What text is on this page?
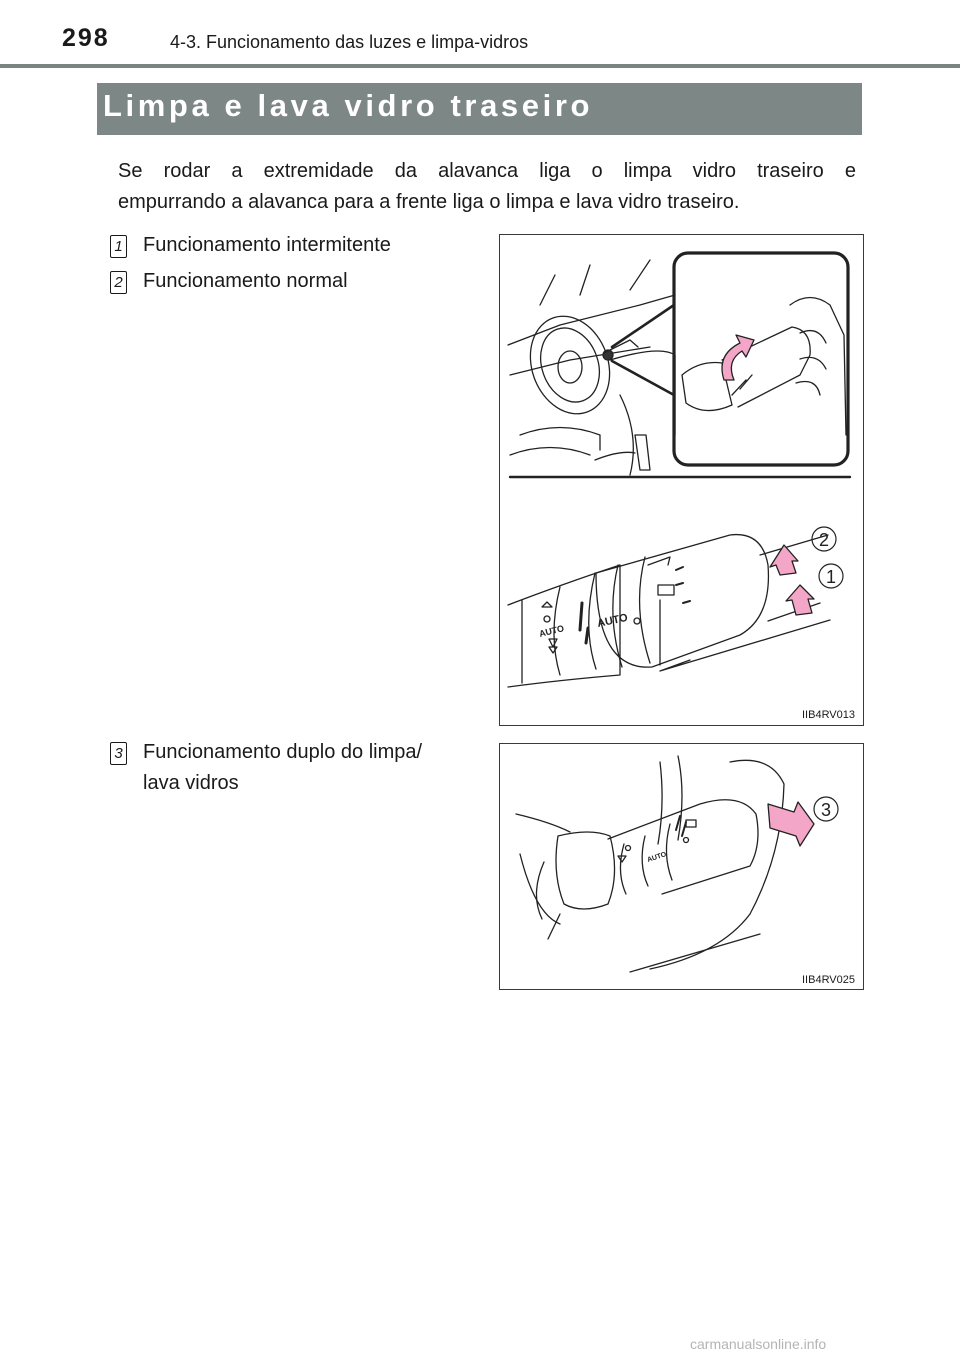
298	4-3. Funcionamento das luzes e limpa-vidros
Limpa e lava vidro traseiro

Se rodar a extremidade da alavanca liga o limpa vidro traseiro e

empurrando a alavanca para a frente liga o limpa e lava vidro traseiro.

1 Funcionamento intermitente
2 Funcionamento normal
3 Funcionamento duplo do limpa/
lava vidros
2
1
AUTO
AUTO
IIB4RV013
3
AUTO
IIB4RV025
carmanualsonline.info
